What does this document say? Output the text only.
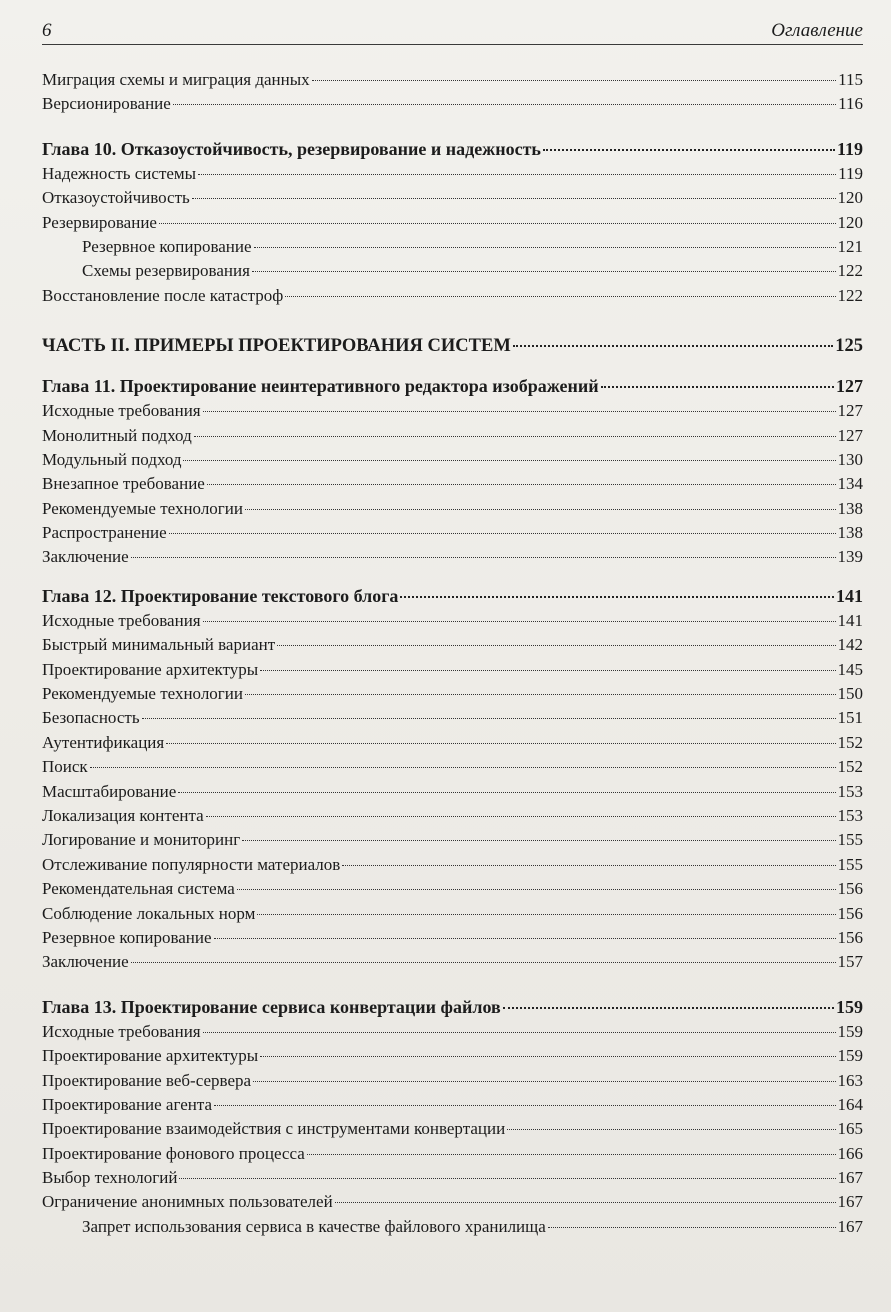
6	Оглавление
Миграция схемы и миграция данных	115
Версионирование	116
Глава 10. Отказоустойчивость, резервирование и надежность	119
Надежность системы	119
Отказоустойчивость	120
Резервирование	120
Резервное копирование	121
Схемы резервирования	122
Восстановление после катастроф	122
ЧАСТЬ II. ПРИМЕРЫ ПРОЕКТИРОВАНИЯ СИСТЕМ	125
Глава 11. Проектирование неинтеративного редактора изображений	127
Исходные требования	127
Монолитный подход	127
Модульный подход	130
Внезапное требование	134
Рекомендуемые технологии	138
Распространение	138
Заключение	139
Глава 12. Проектирование текстового блога	141
Исходные требования	141
Быстрый минимальный вариант	142
Проектирование архитектуры	145
Рекомендуемые технологии	150
Безопасность	151
Аутентификация	152
Поиск	152
Масштабирование	153
Локализация контента	153
Логирование и мониторинг	155
Отслеживание популярности материалов	155
Рекомендательная система	156
Соблюдение локальных норм	156
Резервное копирование	156
Заключение	157
Глава 13. Проектирование сервиса конвертации файлов	159
Исходные требования	159
Проектирование архитектуры	159
Проектирование веб-сервера	163
Проектирование агента	164
Проектирование взаимодействия с инструментами конвертации	165
Проектирование фонового процесса	166
Выбор технологий	167
Ограничение анонимных пользователей	167
Запрет использования сервиса в качестве файлового хранилища	167
